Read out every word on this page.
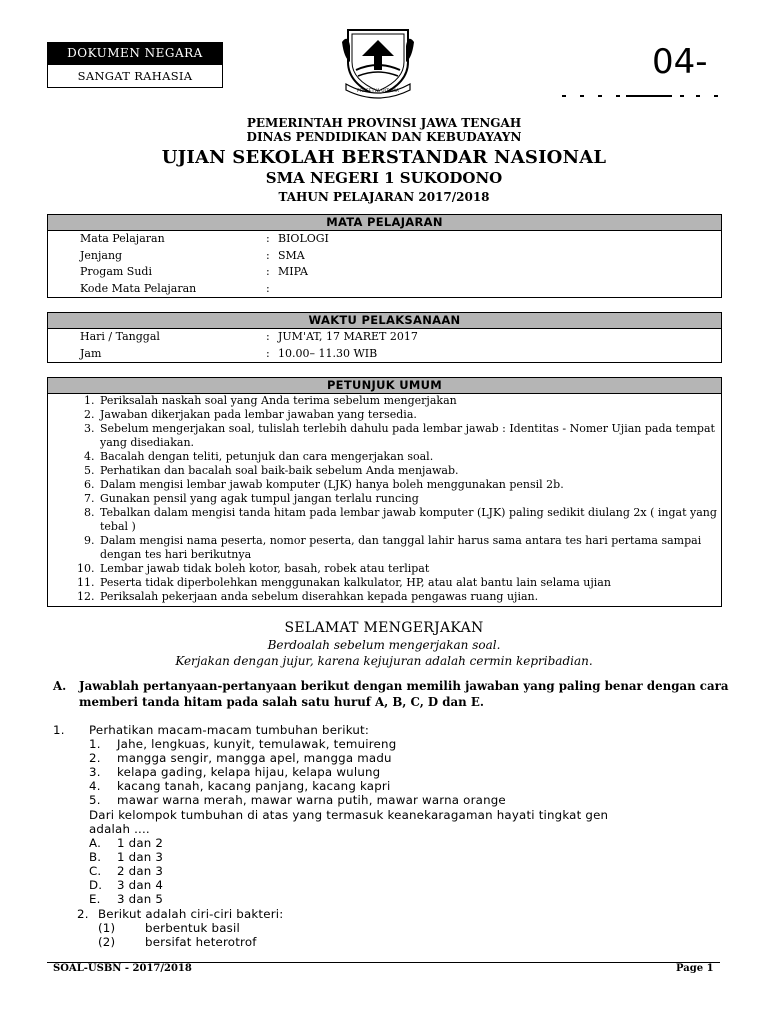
DOKUMEN NEGARA
SANGAT RAHASIA
PRASETYA ULTAMA
04-
PEMERINTAH PROVINSI JAWA TENGAH
DINAS PENDIDIKAN DAN KEBUDAYAYN
UJIAN SEKOLAH BERSTANDAR NASIONAL
SMA NEGERI 1 SUKODONO
TAHUN PELAJARAN 2017/2018
MATA PELAJARAN
Mata Pelajaran	: BIOLOGI
Jenjang	: SMA
Progam Sudi	: MIPA
Kode Mata Pelajaran	:
WAKTU PELAKSANAAN
Hari / Tanggal	: JUM'AT, 17 MARET 2017
Jam	: 10.00– 11.30 WIB
PETUNJUK UMUM
1. Periksalah naskah soal yang Anda terima sebelum mengerjakan
2. Jawaban dikerjakan pada lembar jawaban yang tersedia.
3. Sebelum mengerjakan soal, tulislah terlebih dahulu pada lembar jawab : Identitas - Nomer Ujian pada tempat yang disediakan.
4. Bacalah dengan teliti, petunjuk dan cara mengerjakan soal.
5. Perhatikan dan bacalah soal baik-baik sebelum Anda menjawab.
6. Dalam mengisi lembar jawab komputer (LJK) hanya boleh menggunakan pensil 2b.
7. Gunakan pensil yang agak tumpul jangan terlalu runcing
8. Tebalkan dalam mengisi tanda hitam pada lembar jawab komputer (LJK) paling sedikit diulang 2x ( ingat yang tebal )
9. Dalam mengisi nama peserta, nomor peserta, dan tanggal lahir harus sama antara tes hari pertama sampai dengan tes hari berikutnya
10. Lembar jawab tidak boleh kotor, basah, robek atau terlipat
11. Peserta tidak diperbolehkan menggunakan kalkulator, HP, atau alat bantu lain selama ujian
12. Periksalah pekerjaan anda sebelum diserahkan kepada pengawas ruang ujian.
SELAMAT MENGERJAKAN
Berdoalah sebelum mengerjakan soal.
Kerjakan dengan jujur, karena kejujuran adalah cermin kepribadian.
A. Jawablah pertanyaan-pertanyaan berikut dengan memilih jawaban yang paling benar dengan cara memberi tanda hitam pada salah satu huruf A, B, C, D dan E.
1. Perhatikan macam-macam tumbuhan berikut:
1. Jahe, lengkuas, kunyit, temulawak, temuireng
2. mangga sengir, mangga apel, mangga madu
3. kelapa gading, kelapa hijau, kelapa wulung
4. kacang tanah, kacang panjang, kacang kapri
5. mawar warna merah, mawar warna putih, mawar warna orange
Dari kelompok tumbuhan di atas yang termasuk keanekaragaman hayati tingkat gen
adalah ....
A. 1 dan 2
B. 1 dan 3
C. 2 dan 3
D. 3 dan 4
E. 3 dan 5
2. Berikut adalah ciri-ciri bakteri:
(1)	berbentuk basil
(2)	bersifat heterotrof
SOAL-USBN - 2017/2018	Page 1
